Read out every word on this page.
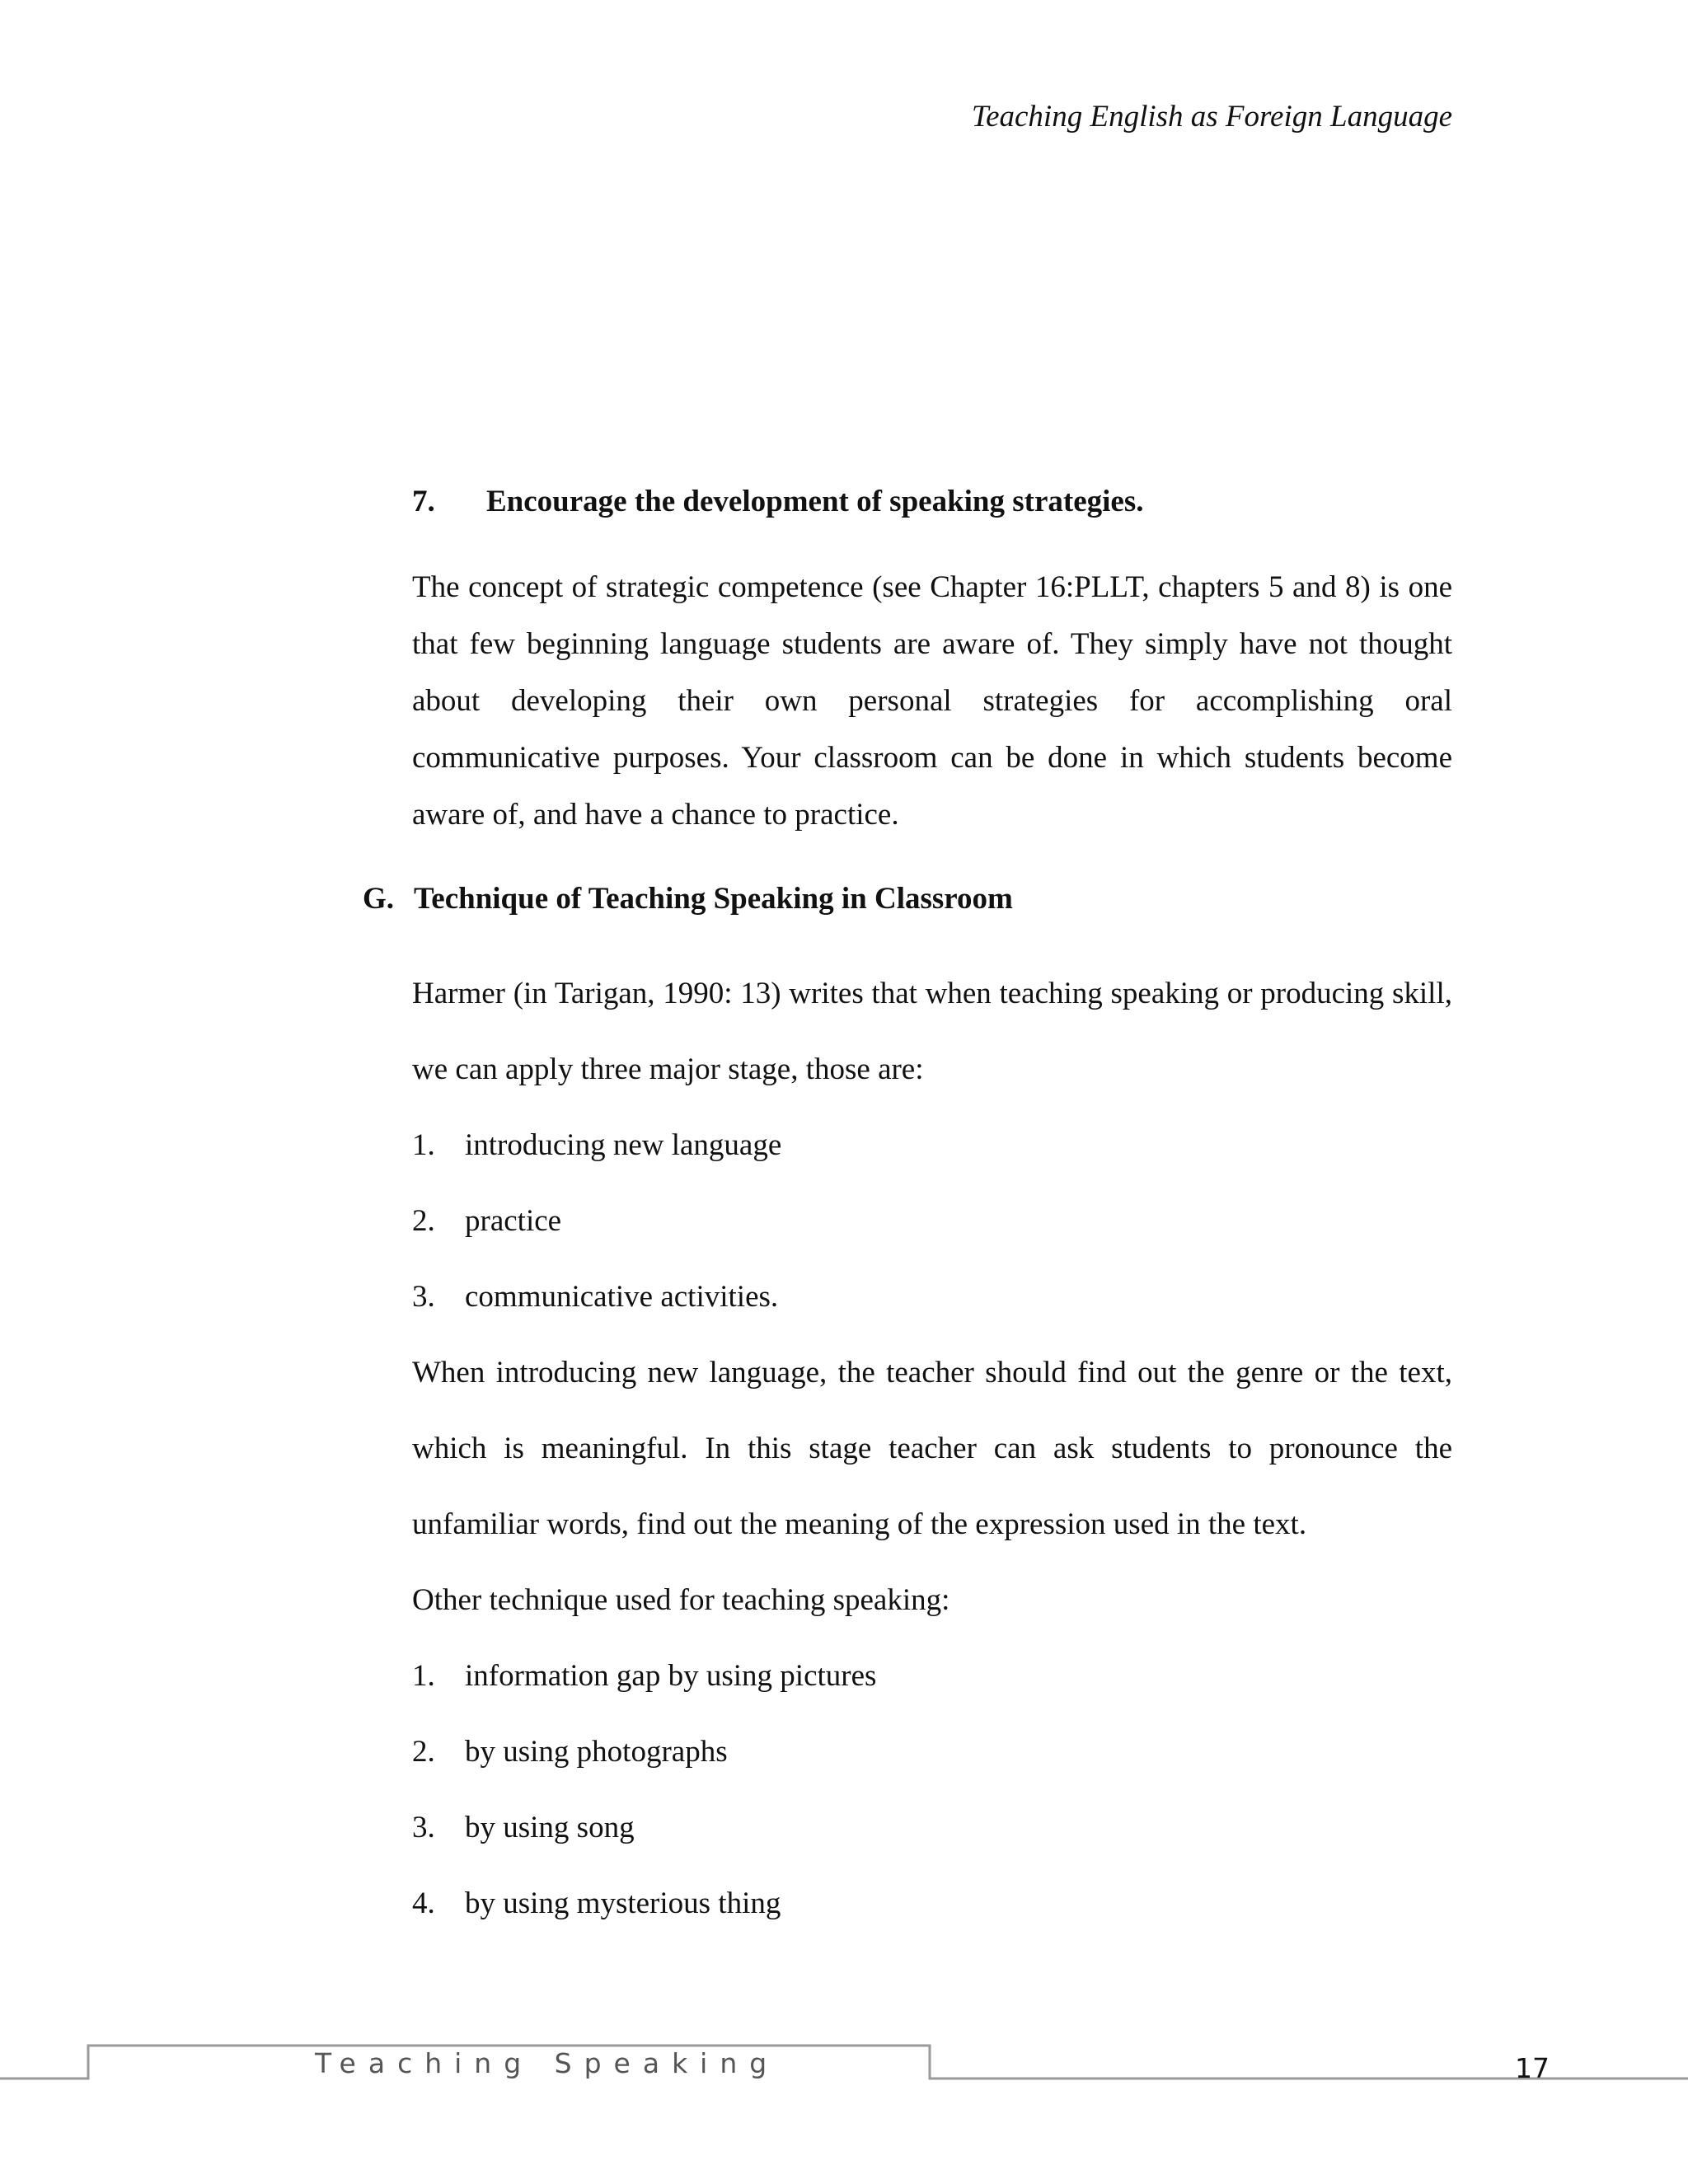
Teaching English as Foreign Language
7. Encourage the development of speaking strategies.
The concept of strategic competence (see Chapter 16:PLLT, chapters 5 and 8) is one that few beginning language students are aware of. They simply have not thought about developing their own personal strategies for accomplishing oral communicative purposes. Your classroom can be done in which students become aware of, and have a chance to practice.
G. Technique of Teaching Speaking in Classroom

Harmer (in Tarigan, 1990: 13) writes that when teaching speaking or producing skill, we can apply three major stage, those are:

1. introducing new language
2. practice
3. communicative activities.

When introducing new language, the teacher should find out the genre or the text, which is meaningful. In this stage teacher can ask students to pronounce the unfamiliar words, find out the meaning of the expression used in the text.

Other technique used for teaching speaking:

1. information gap by using pictures
2. by using photographs
3. by using song
4. by using mysterious thing
Teaching Speaking	17
